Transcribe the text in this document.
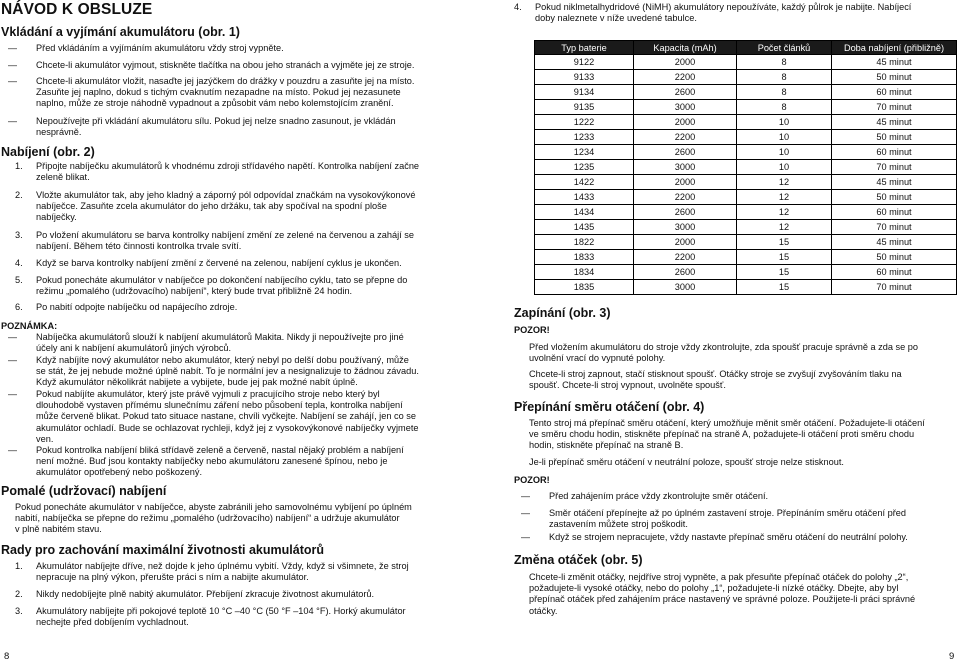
NÁVOD K OBSLUZE
Vkládání a vyjímání akumulátoru (obr. 1)
— Před vkládáním a vyjímáním akumulátoru vždy stroj vypněte.
— Chcete-li akumulátor vyjmout, stiskněte tlačítka na obou jeho stranách a vyjměte jej ze stroje.
— Chcete-li akumulátor vložit, nasaďte jej jazýčkem do drážky v pouzdru a zasuňte jej na místo.
Zasuňte jej naplno, dokud s tichým cvaknutím nezapadne na místo. Pokud jej nezasunete
naplno, může ze stroje náhodně vypadnout a způsobit vám nebo kolemstojícím zranění.
— Nepoužívejte při vkládání akumulátoru sílu. Pokud jej nelze snadno zasunout, je vkládán
nesprávně.
Nabíjení (obr. 2)
1. Připojte nabíječku akumulátorů k vhodnému zdroji střídavého napětí. Kontrolka nabíjení začne
zeleně blikat.
2. Vložte akumulátor tak, aby jeho kladný a záporný pól odpovídal značkám na vysokovýkonové
nabíječce. Zasuňte zcela akumulátor do jeho držáku, tak aby spočíval na spodní ploše
nabíječky.
3. Po vložení akumulátoru se barva kontrolky nabíjení změní ze zelené na červenou a zahájí se
nabíjení. Během této činnosti kontrolka trvale svítí.
4. Když se barva kontrolky nabíjení změní z červené na zelenou, nabíjení cyklus je ukončen.
5. Pokud ponecháte akumulátor v nabíječce po dokončení nabíjecího cyklu, tato se přepne do
režimu „pomalého (udržovacího) nabíjení“, který bude trvat přibližně 24 hodin.
6. Po nabití odpojte nabíječku od napájecího zdroje.
POZNÁMKA:
— Nabíječka akumulátorů slouží k nabíjení akumulátorů Makita. Nikdy ji nepoužívejte pro jiné
účely ani k nabíjení akumulátorů jiných výrobců.
— Když nabíjíte nový akumulátor nebo akumulátor, který nebyl po delší dobu používaný, může
se stát, že jej nebude možné úplně nabít. To je normální jev a nesignalizuje to žádnou závadu.
Když akumulátor několikrát nabijete a vybijete, bude jej pak možné nabít úplně.
— Pokud nabíjíte akumulátor, který jste právě vyjmuli z pracujícího stroje nebo který byl
dlouhodobě vystaven přímému slunečnímu záření nebo působení tepla, kontrolka nabíjení
může červeně blikat. Pokud tato situace nastane, chvíli vyčkejte. Nabíjení se zahájí, jen co se
akumulátor ochladí. Bude se ochlazovat rychleji, když jej z vysokovýkonové nabíječky vyjmete
ven.
— Pokud kontrolka nabíjení bliká střídavě zeleně a červeně, nastal nějaký problém a nabíjení
není možné. Buď jsou kontakty nabíječky nebo akumulátoru zanesené špínou, nebo je
akumulátor opotřebený nebo poškozený.
Pomalé (udržovací) nabíjení
Pokud ponecháte akumulátor v nabíječce, abyste zabránili jeho samovolnému vybíjení po úplném
nabití, nabíječka se přepne do režimu „pomalého (udržovacího) nabíjení“ a udržuje akumulátor
v plně nabitém stavu.
Rady pro zachování maximální životnosti akumulátorů
1. Akumulátor nabíjejte dříve, než dojde k jeho úplnému vybití. Vždy, když si všimnete, že stroj
nepracuje na plný výkon, přerušte práci s ním a nabijte akumulátor.
2. Nikdy nedobíjejte plně nabitý akumulátor. Přebíjení zkracuje životnost akumulátorů.
3. Akumulátory nabíjejte při pokojové teplotě 10 °C –40 °C (50 °F –104 °F). Horký akumulátor
nechejte před dobíjením vychladnout.
8
4. Pokud niklmetalhydridové (NiMH) akumulátory nepoužíváte, každý půlrok je nabijte. Nabíjecí
doby naleznete v níže uvedené tabulce.
Typ baterie	Kapacita (mAh)	Počet článků	Doba nabíjení (přibližně)
9122	2000	8	45 minut
9133	2200	8	50 minut
9134	2600	8	60 minut
9135	3000	8	70 minut
1222	2000	10	45 minut
1233	2200	10	50 minut
1234	2600	10	60 minut
1235	3000	10	70 minut
1422	2000	12	45 minut
1433	2200	12	50 minut
1434	2600	12	60 minut
1435	3000	12	70 minut
1822	2000	15	45 minut
1833	2200	15	50 minut
1834	2600	15	60 minut
1835	3000	15	70 minut
Zapínání (obr. 3)
POZOR!
Před vložením akumulátoru do stroje vždy zkontrolujte, zda spoušť pracuje správně a zda se po
uvolnění vrací do vypnuté polohy.
Chcete-li stroj zapnout, stačí stisknout spoušť. Otáčky stroje se zvyšují zvyšováním tlaku na
spoušť. Chcete-li stroj vypnout, uvolněte spoušť.
Přepínání směru otáčení (obr. 4)
Tento stroj má přepínač směru otáčení, který umožňuje měnit směr otáčení. Požadujete-li otáčení
ve směru chodu hodin, stiskněte přepínač na straně A, požadujete-li otáčení proti směru chodu
hodin, stiskněte přepínač na straně B.
Je-li přepínač směru otáčení v neutrální poloze, spoušť stroje nelze stisknout.
POZOR!
— Před zahájením práce vždy zkontrolujte směr otáčení.
— Směr otáčení přepínejte až po úplném zastavení stroje. Přepínáním směru otáčení před
zastavením můžete stroj poškodit.
— Když se strojem nepracujete, vždy nastavte přepínač směru otáčení do neutrální polohy.
Změna otáček (obr. 5)
Chcete-li změnit otáčky, nejdříve stroj vypněte, a pak přesuňte přepínač otáček do polohy „2“,
požadujete-li vysoké otáčky, nebo do polohy „1“, požadujete-li nízké otáčky. Dbejte, aby byl
přepínač otáček před zahájením práce nastavený ve správné poloze. Použijete-li práci správné
otáčky.
9
